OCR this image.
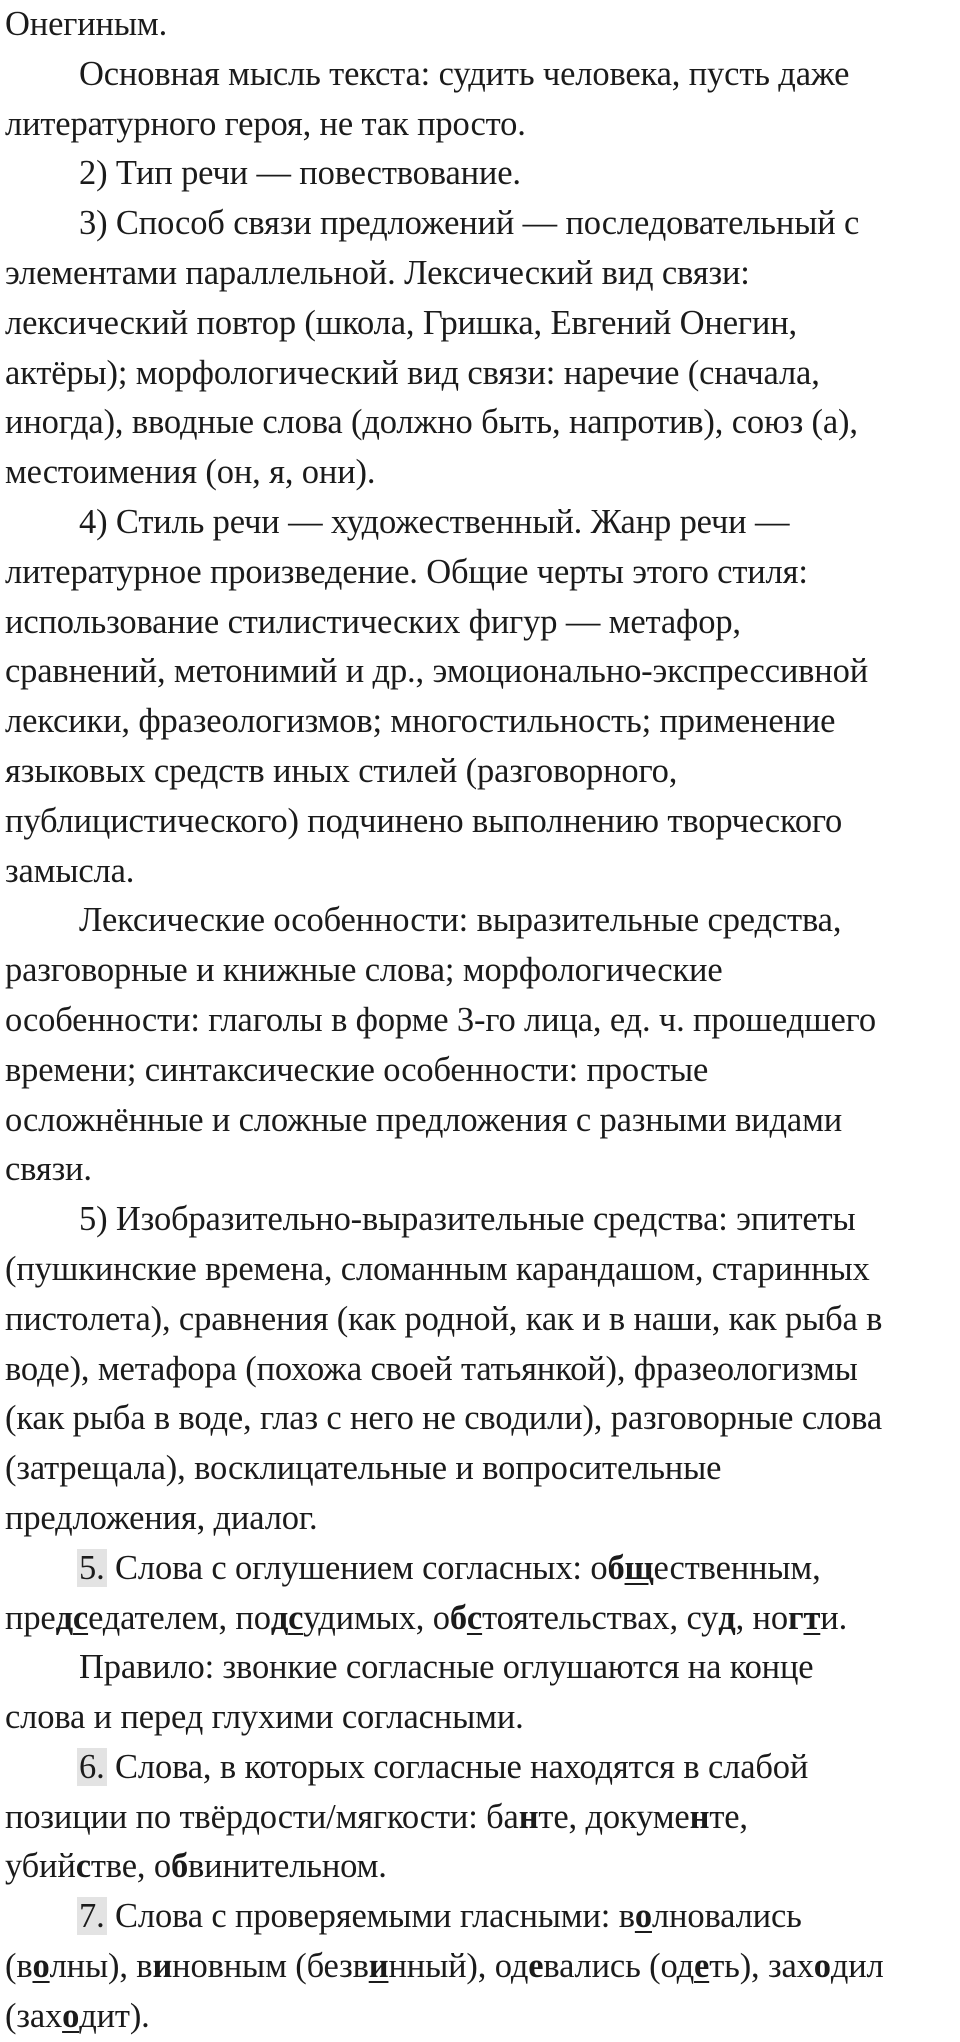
Онегиным.
Основная мысль текста: судить человека, пусть даже
литературного героя, не так просто.
2) Тип речи — повествование.
3) Способ связи предложений — последовательный с
элементами параллельной. Лексический вид связи:
лексический повтор (школа, Гришка, Евгений Онегин,
актёры); морфологический вид связи: наречие (сначала,
иногда), вводные слова (должно быть, напротив), союз (а),
местоимения (он, я, они).
4) Стиль речи — художественный. Жанр речи —
литературное произведение. Общие черты этого стиля:
использование стилистических фигур — метафор,
сравнений, метонимий и др., эмоционально-экспрессивной
лексики, фразеологизмов; многостильность; применение
языковых средств иных стилей (разговорного,
публицистического) подчинено выполнению творческого
замысла.
Лексические особенности: выразительные средства,
разговорные и книжные слова; морфологические
особенности: глаголы в форме 3-го лица, ед. ч. прошедшего
времени; синтаксические особенности: простые
осложнённые и сложные предложения с разными видами
связи.
5) Изобразительно-выразительные средства: эпитеты
(пушкинские времена, сломанным карандашом, старинных
пистолета), сравнения (как родной, как и в наши, как рыба в
воде), метафора (похожа своей татьянкой), фразеологизмы
(как рыба в воде, глаз с него не сводили), разговорные слова
(затрещала), восклицательные и вопросительные
предложения, диалог.
5. Слова с оглушением согласных: общественным,
председателем, подсудимых, обстоятельствах, суд, ногти.
Правило: звонкие согласные оглушаются на конце
слова и перед глухими согласными.
6. Слова, в которых согласные находятся в слабой
позиции по твёрдости/мягкости: банте, документе,
убийстве, обвинительном.
7. Слова с проверяемыми гласными: волновались
(волны), виновным (безвинный), одевались (одеть), заходил
(заходит).
